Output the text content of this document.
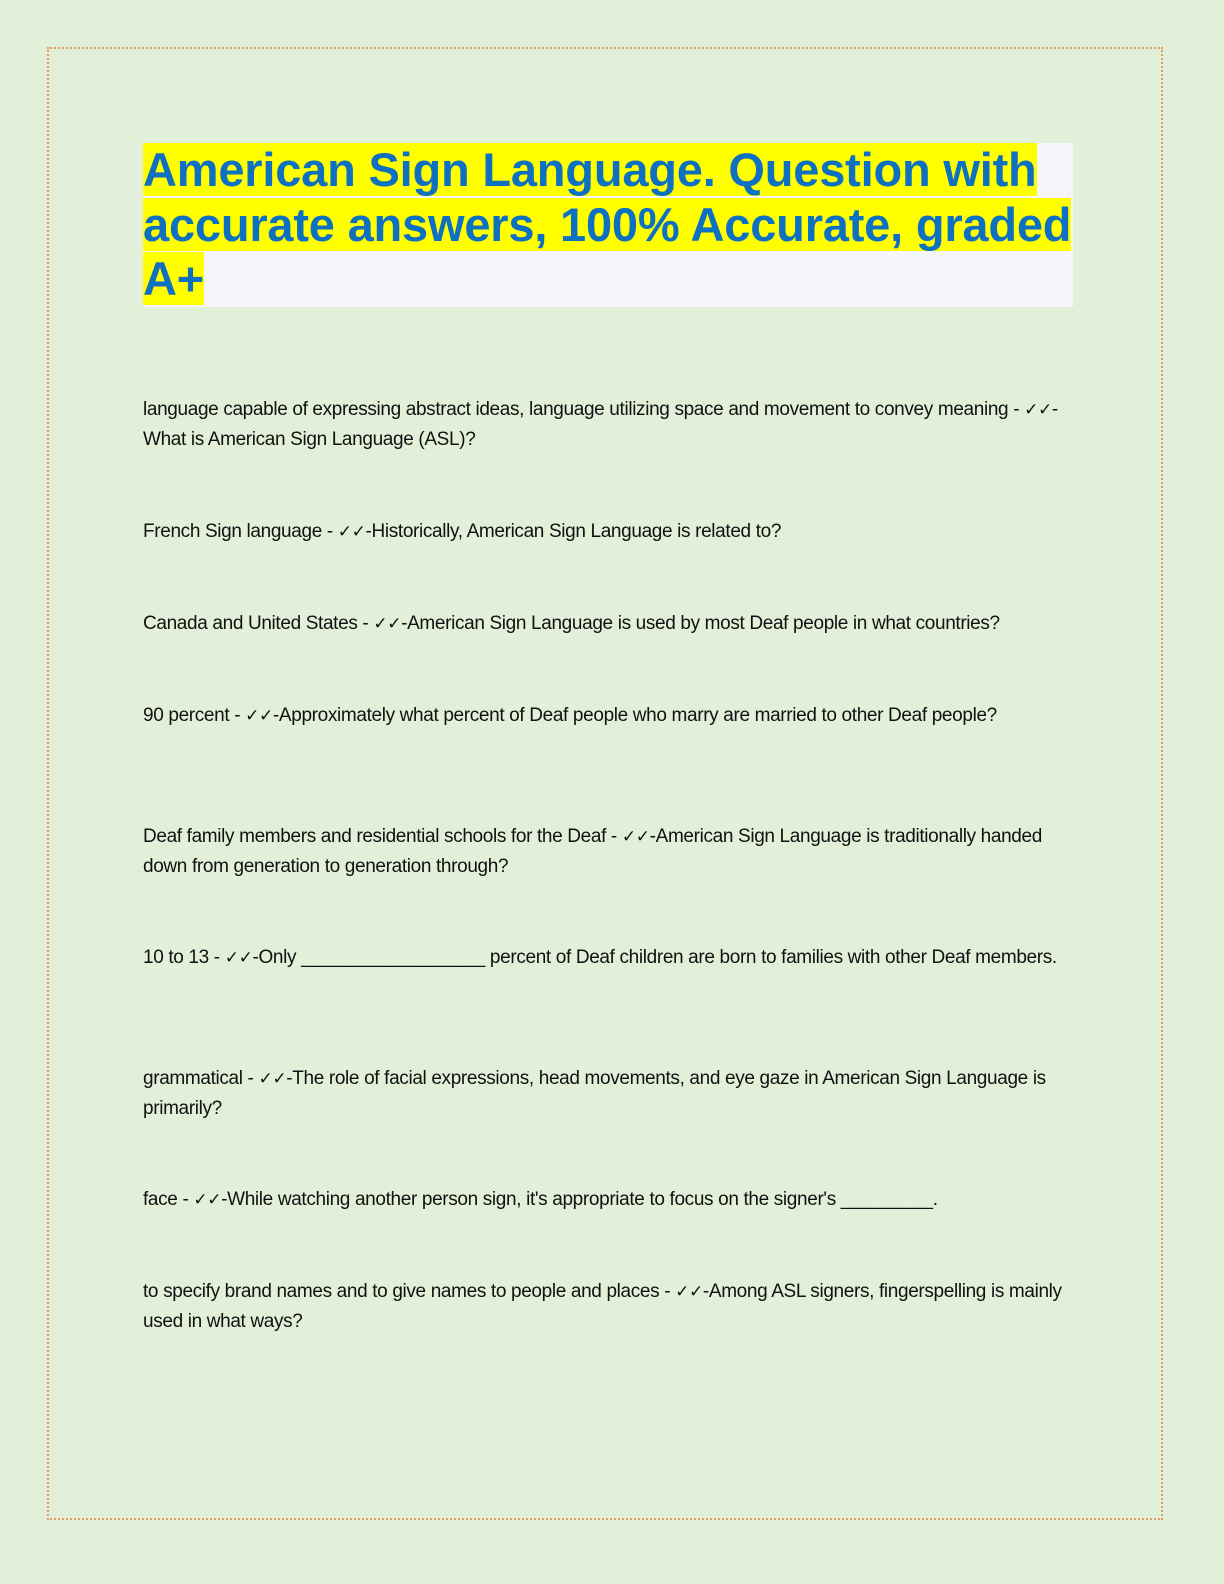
American Sign Language. Question with accurate answers, 100% Accurate, graded A+

language capable of expressing abstract ideas, language utilizing space and movement to convey meaning - ✓✓-What is American Sign Language (ASL)?

French Sign language - ✓✓-Historically, American Sign Language is related to?

Canada and United States - ✓✓-American Sign Language is used by most Deaf people in what countries?

90 percent - ✓✓-Approximately what percent of Deaf people who marry are married to other Deaf people?

Deaf family members and residential schools for the Deaf - ✓✓-American Sign Language is traditionally handed down from generation to generation through?

10 to 13 - ✓✓-Only __________________ percent of Deaf children are born to families with other Deaf members.

grammatical - ✓✓-The role of facial expressions, head movements, and eye gaze in American Sign Language is primarily?

face - ✓✓-While watching another person sign, it's appropriate to focus on the signer's _________.

to specify brand names and to give names to people and places - ✓✓-Among ASL signers, fingerspelling is mainly used in what ways?
